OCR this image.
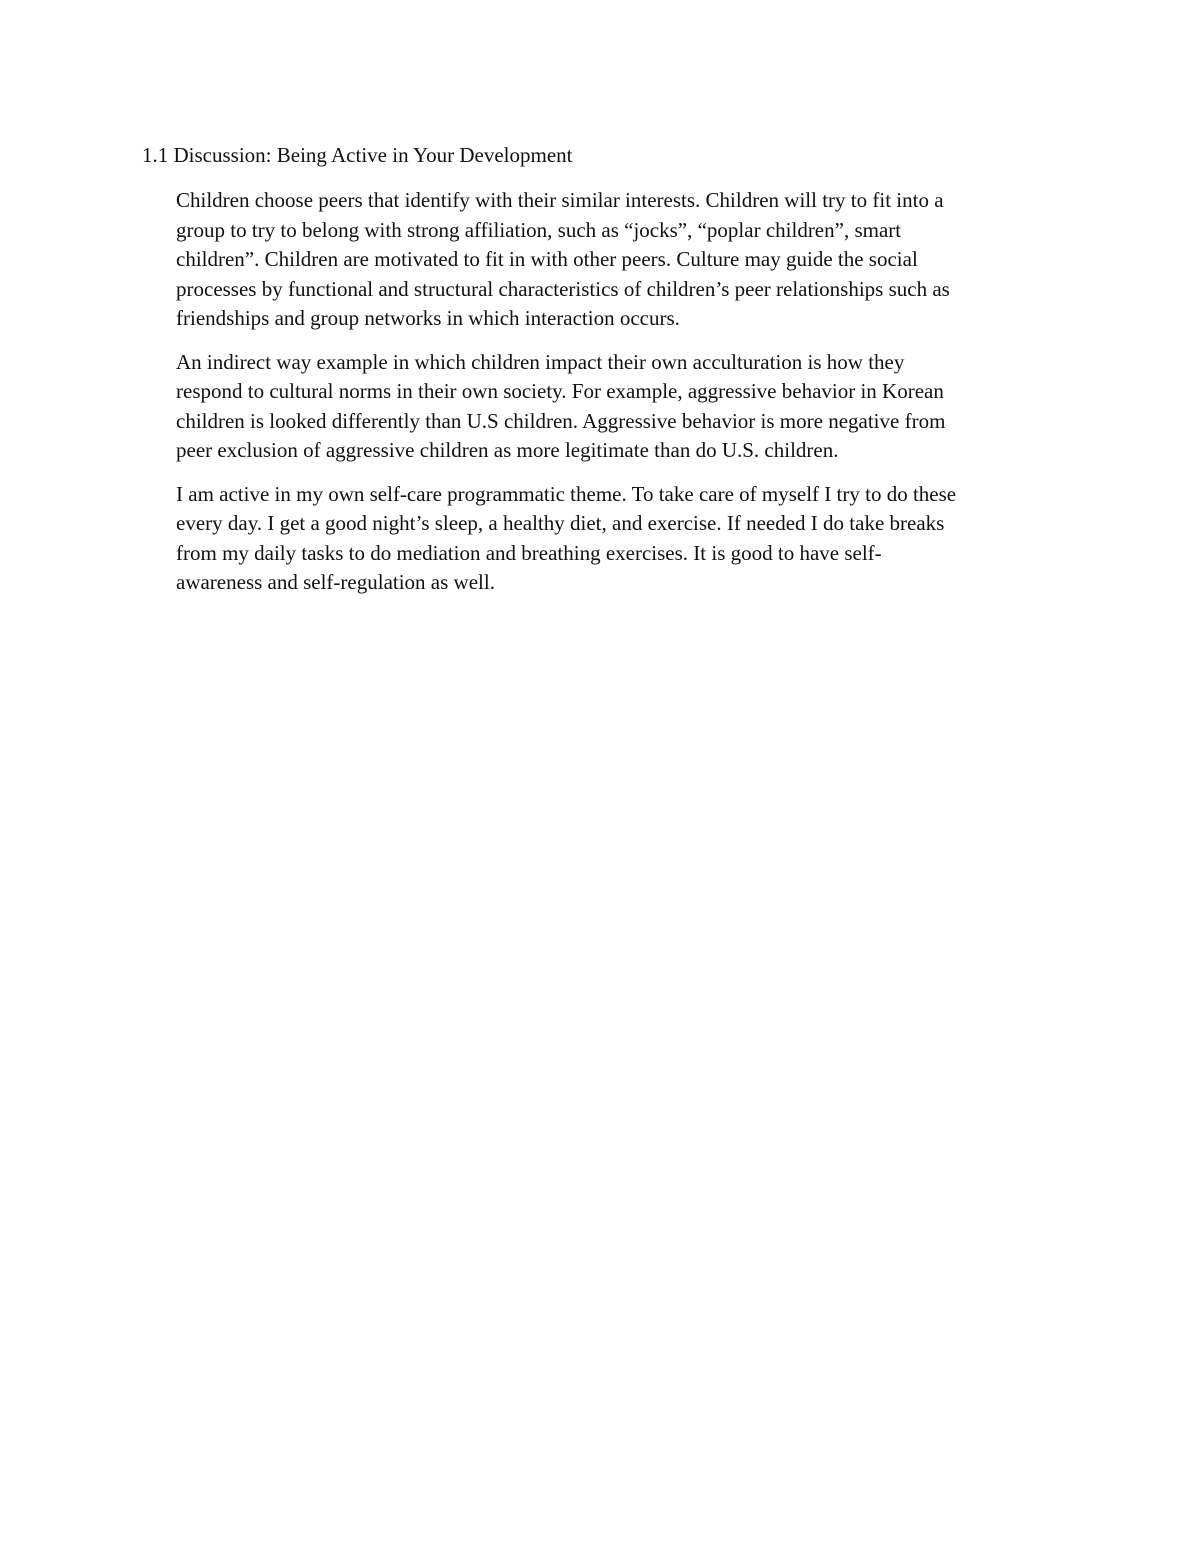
1.1 Discussion: Being Active in Your Development

Children choose peers that identify with their similar interests. Children will try to fit into a
group to try to belong with strong affiliation, such as “jocks”, “poplar children”, smart
children”. Children are motivated to fit in with other peers. Culture may guide the social
processes by functional and structural characteristics of children’s peer relationships such as
friendships and group networks in which interaction occurs.

An indirect way example in which children impact their own acculturation is how they
respond to cultural norms in their own society. For example, aggressive behavior in Korean
children is looked differently than U.S children. Aggressive behavior is more negative from
peer exclusion of aggressive children as more legitimate than do U.S. children.

I am active in my own self-care programmatic theme. To take care of myself I try to do these
every day. I get a good night’s sleep, a healthy diet, and exercise. If needed I do take breaks
from my daily tasks to do mediation and breathing exercises. It is good to have self-
awareness and self-regulation as well.
